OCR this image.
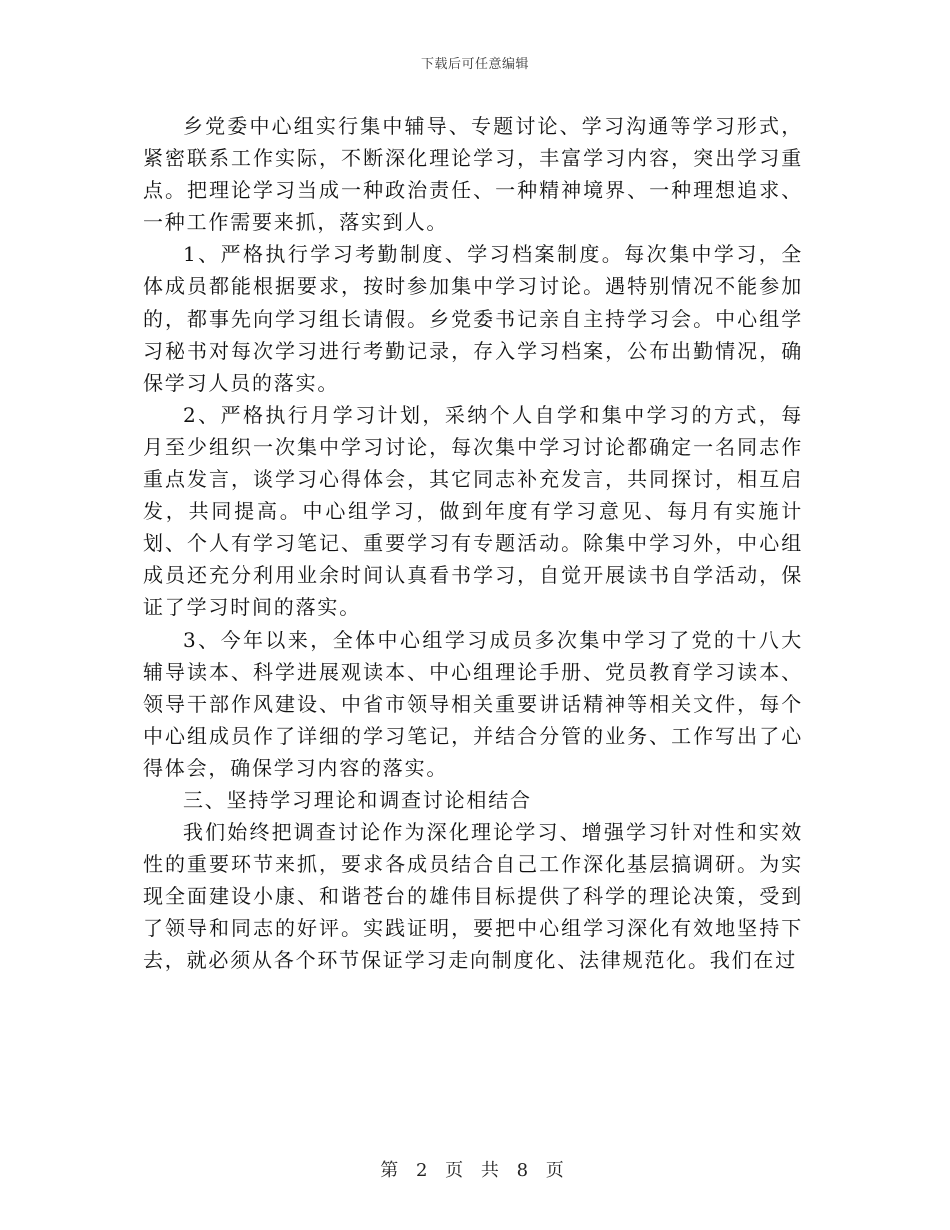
下载后可任意编辑

乡党委中心组实行集中辅导、专题讨论、学习沟通等学习形式，紧密联系工作实际，不断深化理论学习，丰富学习内容，突出学习重点。把理论学习当成一种政治责任、一种精神境界、一种理想追求、一种工作需要来抓，落实到人。

1、严格执行学习考勤制度、学习档案制度。每次集中学习，全体成员都能根据要求，按时参加集中学习讨论。遇特别情况不能参加的，都事先向学习组长请假。乡党委书记亲自主持学习会。中心组学习秘书对每次学习进行考勤记录，存入学习档案，公布出勤情况，确保学习人员的落实。

2、严格执行月学习计划，采纳个人自学和集中学习的方式，每月至少组织一次集中学习讨论，每次集中学习讨论都确定一名同志作重点发言，谈学习心得体会，其它同志补充发言，共同探讨，相互启发，共同提高。中心组学习，做到年度有学习意见、每月有实施计划、个人有学习笔记、重要学习有专题活动。除集中学习外，中心组成员还充分利用业余时间认真看书学习，自觉开展读书自学活动，保证了学习时间的落实。

3、今年以来，全体中心组学习成员多次集中学习了党的十八大辅导读本、科学进展观读本、中心组理论手册、党员教育学习读本、领导干部作风建设、中省市领导相关重要讲话精神等相关文件，每个中心组成员作了详细的学习笔记，并结合分管的业务、工作写出了心得体会，确保学习内容的落实。

三、坚持学习理论和调查讨论相结合

我们始终把调查讨论作为深化理论学习、增强学习针对性和实效性的重要环节来抓，要求各成员结合自己工作深化基层搞调研。为实现全面建设小康、和谐苍台的雄伟目标提供了科学的理论决策，受到了领导和同志的好评。实践证明，要把中心组学习深化有效地坚持下去，就必须从各个环节保证学习走向制度化、法律规范化。我们在过

第 2 页 共 8 页
